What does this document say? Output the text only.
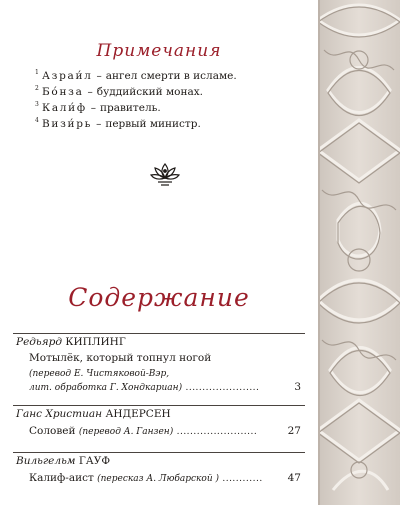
Примечания
1 Азраи́л – ангел смерти в исламе.
2 Бо́нза – буддийский монах.
3 Кали́ф – правитель.
4 Визи́рь – первый министр.
Содержание
Редьярд КИПЛИНГ
Мотылёк, который топнул ногой
(перевод Е. Чистяковой-Вэр,
лит. обработка Г. Хондкариан) ......................	3
Ганс Христиан АНДЕРСЕН
Соловей (перевод А. Ганзен) ........................	27
Вильгельм ГАУФ
Калиф-аист (пересказ А. Любарской ) ............ 47
